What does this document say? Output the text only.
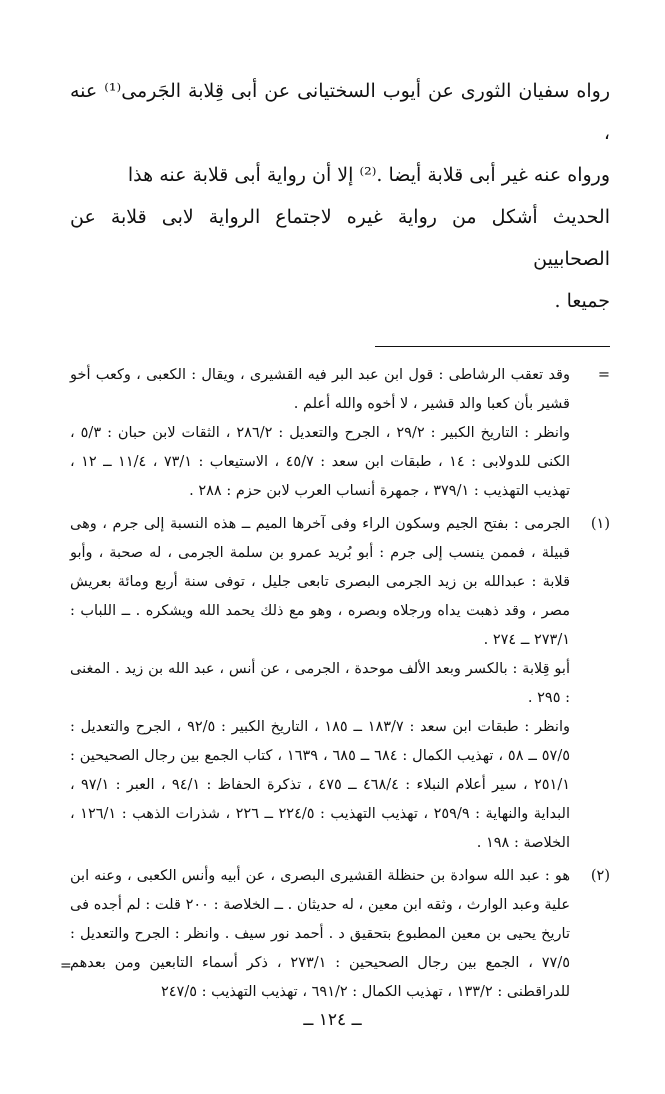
رواه سفيان الثورى عن أيوب السختيانى عن أبى قِلابة الجَرمى⁽¹⁾ عنه ،

ورواه عنه غير أبى قلابة أيضا .⁽²⁾ إلا أن رواية أبى قلابة عنه هذا

الحديث أشكل من رواية غيره لاجتماع الرواية لابى قلابة عن الصحابيين

جميعا .

=

وقد تعقب الرشاطى : قول ابن عبد البر فيه القشيرى ، ويقال : الكعبى ، وكعب أخو قشير بأن كعبا والد قشير ، لا أخوه والله أعلم .

وانظر : التاريخ الكبير : ٢٩/٢ ، الجرح والتعديل : ٢٨٦/٢ ، الثقات لابن حبان : ٥/٣ ، الكنى للدولابى : ١٤ ، طبقات ابن سعد : ٤٥/٧ ، الاستيعاب : ٧٣/١ ، ١١/٤ ــ ١٢ ، تهذيب التهذيب : ٣٧٩/١ ، جمهرة أنساب العرب لابن حزم : ٢٨٨ .

(١)

الجرمى : بفتح الجيم وسكون الراء وفى آخرها الميم ــ هذه النسبة إلى جرم ، وهى قبيلة ، فممن ينسب إلى جرم : أبو بُريد عمرو بن سلمة الجرمى ، له صحبة ، وأبو قلابة : عبدالله بن زيد الجرمى البصرى تابعى جليل ، توفى سنة أربع ومائة بعريش مصر ، وقد ذهبت يداه ورجلاه وبصره ، وهو مع ذلك يحمد الله ويشكره . ــ اللباب : ٢٧٣/١ ــ ٢٧٤ .

أبو قِلابة : بالكسر وبعد الألف موحدة ، الجرمى ، عن أنس ، عبد الله بن زيد . المغنى : ٢٩٥ .

وانظر : طبقات ابن سعد : ١٨٣/٧ ــ ١٨٥ ، التاريخ الكبير : ٩٢/٥ ، الجرح والتعديل : ٥٧/٥ ــ ٥٨ ، تهذيب الكمال : ٦٨٤ ــ ٦٨٥ ، ١٦٣٩ ، كتاب الجمع بين رجال الصحيحين : ٢٥١/١ ، سير أعلام النبلاء : ٤٦٨/٤ ــ ٤٧٥ ، تذكرة الحفاظ : ٩٤/١ ، العبر : ٩٧/١ ، البداية والنهاية : ٢٥٩/٩ ، تهذيب التهذيب : ٢٢٤/٥ ــ ٢٢٦ ، شذرات الذهب : ١٢٦/١ ، الخلاصة : ١٩٨ .

(٢)

هو : عبد الله سوادة بن حنظلة القشيرى البصرى ، عن أبيه وأنس الكعبى ، وعنه ابن علية وعبد الوارث ، وثقه ابن معين ، له حديثان . ــ الخلاصة : ٢٠٠ قلت : لم أجده فى تاريخ يحيى بن معين المطبوع بتحقيق د . أحمد نور سيف . وانظر : الجرح والتعديل : ٧٧/٥ ، الجمع بين رجال الصحيحين : ٢٧٣/١ ، ذكر أسماء التابعين ومن بعدهم للدراقطنى : ١٣٣/٢ ، تهذيب الكمال : ٦٩١/٢ ، تهذيب التهذيب : ٢٤٧/٥

=
ــ ١٢٤ ــ
